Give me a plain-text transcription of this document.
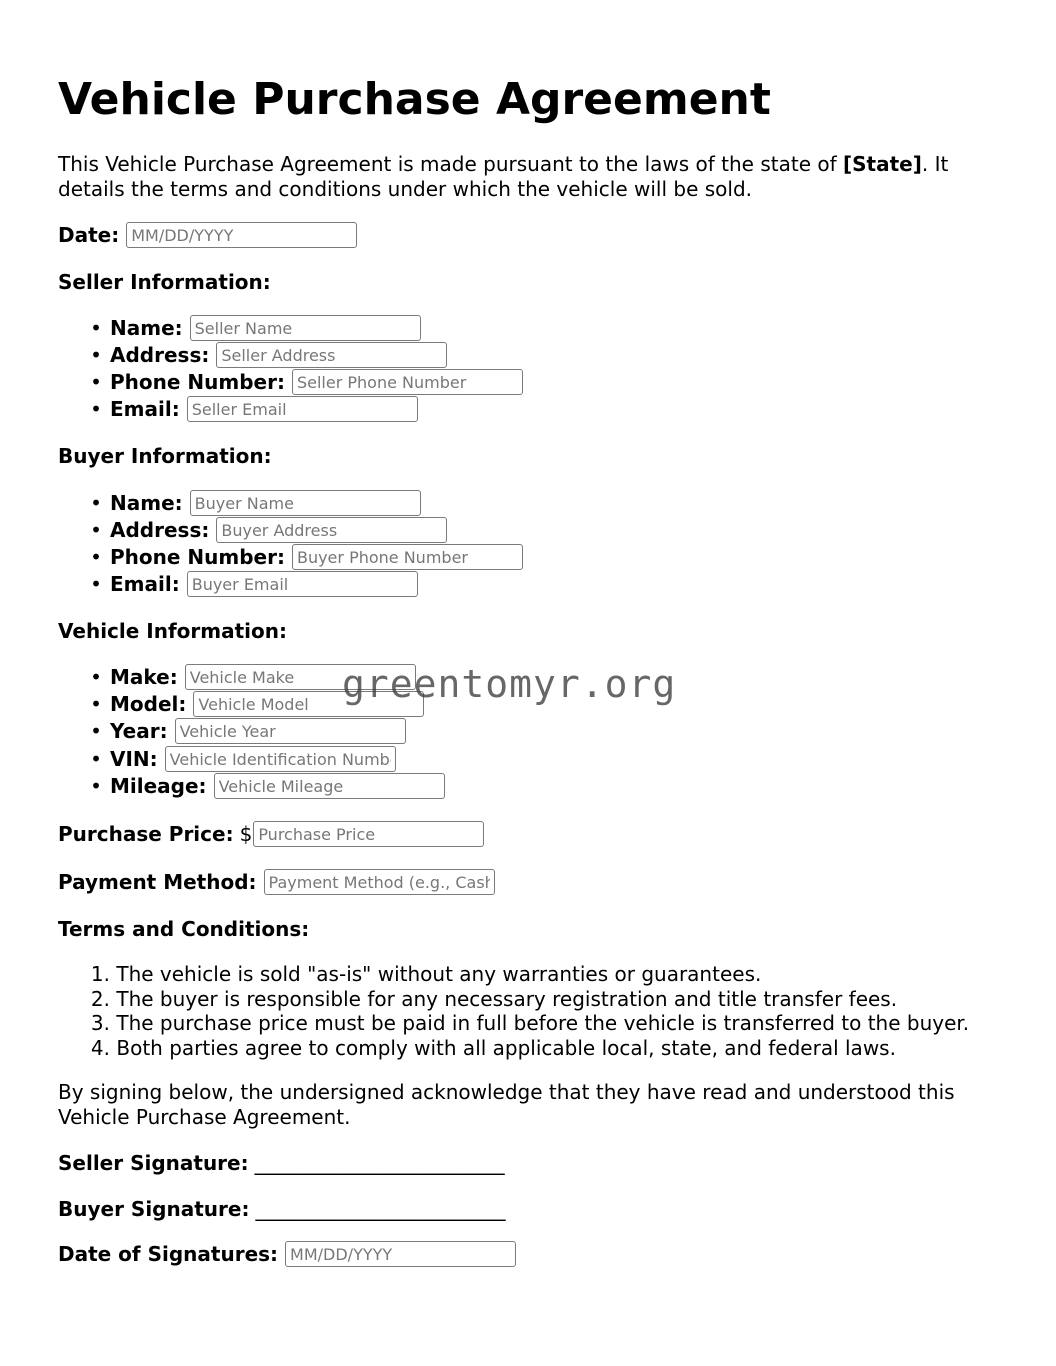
Vehicle Purchase Agreement

This Vehicle Purchase Agreement is made pursuant to the laws of the state of [State]. It details the terms and conditions under which the vehicle will be sold.

Date:
MM/DD/YYYY
Seller Information:
• Name:
Seller Name
• Address:
Seller Address
• Phone Number:
Seller Phone Number
• Email:
Seller Email
Buyer Information:
• Name:
Buyer Name
• Address:
Buyer Address
• Phone Number:
Buyer Phone Number
• Email:
Buyer Email
Vehicle Information:
• Make:
Vehicle Make
• Model:
Vehicle Model
• Year:
Vehicle Year
• VIN:
Vehicle Identification Number
• Mileage:
Vehicle Mileage
Purchase Price: $
Purchase Price
Payment Method:
Payment Method (e.g., Cash, Check)
Terms and Conditions:
1.
The vehicle is sold "as-is" without any warranties or guarantees.
2.
The buyer is responsible for any necessary registration and title transfer fees.
3.
The purchase price must be paid in full before the vehicle is transferred to the buyer.
4.
Both parties agree to comply with all applicable local, state, and federal laws.

By signing below, the undersigned acknowledge that they have read and understood this Vehicle Purchase Agreement.

Seller Signature: _________________________
Buyer Signature: _________________________
Date of Signatures:
MM/DD/YYYY
greentomyr.org
